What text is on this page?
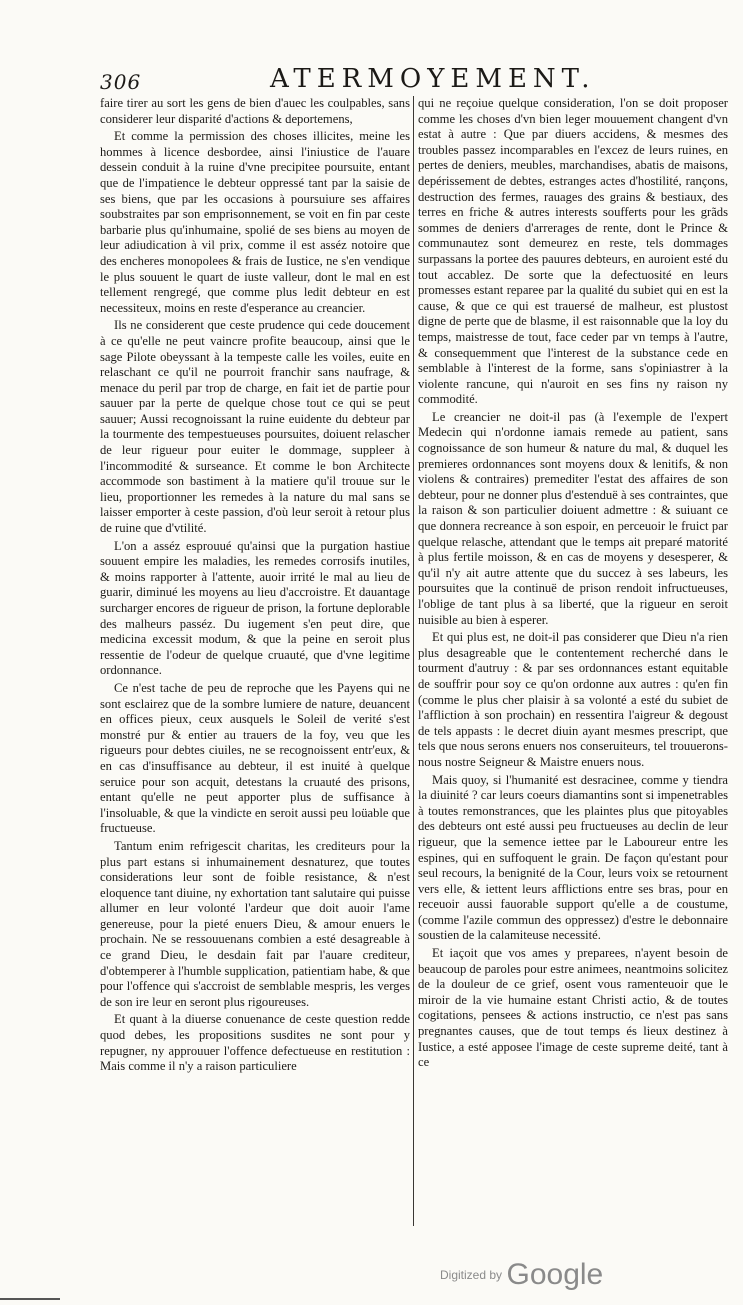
306	ATERMOYEMENT.

faire tirer au sort les gens de bien d'auec les coulpables, sans considerer leur disparité d'actions & deportemens,

Et comme la permission des choses illicites, meine les hommes à licence desbordee, ainsi l'iniustice de l'auare dessein conduit à la ruine d'vne precipitee poursuite, entant que de l'impatience le debteur oppressé tant par la saisie de ses biens, que par les occasions à poursuiure ses affaires soubstraites par son emprisonnement, se voit en fin par ceste barbarie plus qu'inhumaine, spolié de ses biens au moyen de leur adiudication à vil prix, comme il est asséz notoire que des encheres monopolees & frais de Iustice, ne s'en vendique le plus souuent le quart de iuste valleur, dont le mal en est tellement rengregé, que comme plus ledit debteur en est necessiteux, moins en reste d'esperance au creancier.

Ils ne considerent que ceste prudence qui cede doucement à ce qu'elle ne peut vaincre profite beaucoup, ainsi que le sage Pilote obeyssant à la tempeste calle les voiles, euite en relaschant ce qu'il ne pourroit franchir sans naufrage, & menace du peril par trop de charge, en fait iet de partie pour sauuer par la perte de quelque chose tout ce qui se peut sauuer; Aussi recognoissant la ruine euidente du debteur par la tourmente des tempestueuses poursuites, doiuent relascher de leur rigueur pour euiter le dommage, suppleer à l'incommodité & surseance. Et comme le bon Architecte accommode son bastiment à la matiere qu'il trouue sur le lieu, proportionner les remedes à la nature du mal sans se laisser emporter à ceste passion, d'où leur seroit à retour plus de ruine que d'vtilité.

L'on a asséz esprouué qu'ainsi que la purgation hastiue souuent empire les maladies, les remedes corrosifs inutiles, & moins rapporter à l'attente, auoir irrité le mal au lieu de guarir, diminué les moyens au lieu d'accroistre. Et dauantage surcharger encores de rigueur de prison, la fortune deplorable des malheurs passéz. Du iugement s'en peut dire, que medicina excessit modum, & que la peine en seroit plus ressentie de l'odeur de quelque cruauté, que d'vne legitime ordonnance.

Ce n'est tache de peu de reproche que les Payens qui ne sont esclairez que de la sombre lumiere de nature, deuancent en offices pieux, ceux ausquels le Soleil de verité s'est monstré pur & entier au trauers de la foy, veu que les rigueurs pour debtes ciuiles, ne se recognoissent entr'eux, & en cas d'insuffisance au debteur, il est inuité à quelque seruice pour son acquit, detestans la cruauté des prisons, entant qu'elle ne peut apporter plus de suffisance à l'insoluable, & que la vindicte en seroit aussi peu loüable que fructueuse.

Tantum enim refrigescit charitas, les crediteurs pour la plus part estans si inhumainement desnaturez, que toutes considerations leur sont de foible resistance, & n'est eloquence tant diuine, ny exhortation tant salutaire qui puisse allumer en leur volonté l'ardeur que doit auoir l'ame genereuse, pour la pieté enuers Dieu, & amour enuers le prochain. Ne se ressouuenans combien a esté desagreable à ce grand Dieu, le desdain fait par l'auare crediteur, d'obtemperer à l'humble supplication, patientiam habe, & que pour l'offence qui s'accroist de semblable mespris, les verges de son ire leur en seront plus rigoureuses.

Et quant à la diuerse conuenance de ceste question redde quod debes, les propositions susdites ne sont pour y repugner, ny approuuer l'offence defectueuse en restitution : Mais comme il n'y a raison particuliere

qui ne reçoiue quelque consideration, l'on se doit proposer comme les choses d'vn bien leger mouuement changent d'vn estat à autre : Que par diuers accidens, & mesmes des troubles passez incomparables en l'excez de leurs ruines, en pertes de deniers, meubles, marchandises, abatis de maisons, depérissement de debtes, estranges actes d'hostilité, rançons, destruction des fermes, rauages des grains & bestiaux, des terres en friche & autres interests soufferts pour les grãds sommes de deniers d'arrerages de rente, dont le Prince & communautez sont demeurez en reste, tels dommages surpassans la portee des pauures debteurs, en auroient esté du tout accablez. De sorte que la defectuosité en leurs promesses estant reparee par la qualité du subiet qui en est la cause, & que ce qui est trauersé de malheur, est plustost digne de perte que de blasme, il est raisonnable que la loy du temps, maistresse de tout, face ceder par vn temps à l'autre, & consequemment que l'interest de la substance cede en semblable à l'interest de la forme, sans s'opiniastrer à la violente rancune, qui n'auroit en ses fins ny raison ny commodité.

Le creancier ne doit-il pas (à l'exemple de l'expert Medecin qui n'ordonne iamais remede au patient, sans cognoissance de son humeur & nature du mal, & duquel les premieres ordonnances sont moyens doux & lenitifs, & non violens & contraires) premediter l'estat des affaires de son debteur, pour ne donner plus d'estenduë à ses contraintes, que la raison & son particulier doiuent admettre : & suiuant ce que donnera recreance à son espoir, en perceuoir le fruict par quelque relasche, attendant que le temps ait preparé matorité à plus fertile moisson, & en cas de moyens y desesperer, & qu'il n'y ait autre attente que du succez à ses labeurs, les poursuites que la continuë de prison rendoit infructueuses, l'oblige de tant plus à sa liberté, que la rigueur en seroit nuisible au bien à esperer.

Et qui plus est, ne doit-il pas considerer que Dieu n'a rien plus desagreable que le contentement recherché dans le tourment d'autruy : & par ses ordonnances estant equitable de souffrir pour soy ce qu'on ordonne aux autres : qu'en fin (comme le plus cher plaisir à sa volonté a esté du subiet de l'affliction à son prochain) en ressentira l'aigreur & degoust de tels appasts : le decret diuin ayant mesmes prescript, que tels que nous serons enuers nos conseruiteurs, tel trouuerons-nous nostre Seigneur & Maistre enuers nous.

Mais quoy, si l'humanité est desracinee, comme y tiendra la diuinité ? car leurs coeurs diamantins sont si impenetrables à toutes remonstrances, que les plaintes plus que pitoyables des debteurs ont esté aussi peu fructueuses au declin de leur rigueur, que la semence iettee par le Laboureur entre les espines, qui en suffoquent le grain. De façon qu'estant pour seul recours, la benignité de la Cour, leurs voix se retournent vers elle, & iettent leurs afflictions entre ses bras, pour en receuoir aussi fauorable support qu'elle a de coustume, (comme l'azile commun des oppressez) d'estre le debonnaire soustien de la calamiteuse necessité.

Et iaçoit que vos ames y preparees, n'ayent besoin de beaucoup de paroles pour estre animees, neantmoins solicitez de la douleur de ce grief, osent vous ramenteuoir que le miroir de la vie humaine estant Christi actio, & de toutes cogitations, pensees & actions instructio, ce n'est pas sans pregnantes causes, que de tout temps és lieux destinez à Iustice, a esté apposee l'image de ceste supreme deité, tant à ce

Digitized by Google
